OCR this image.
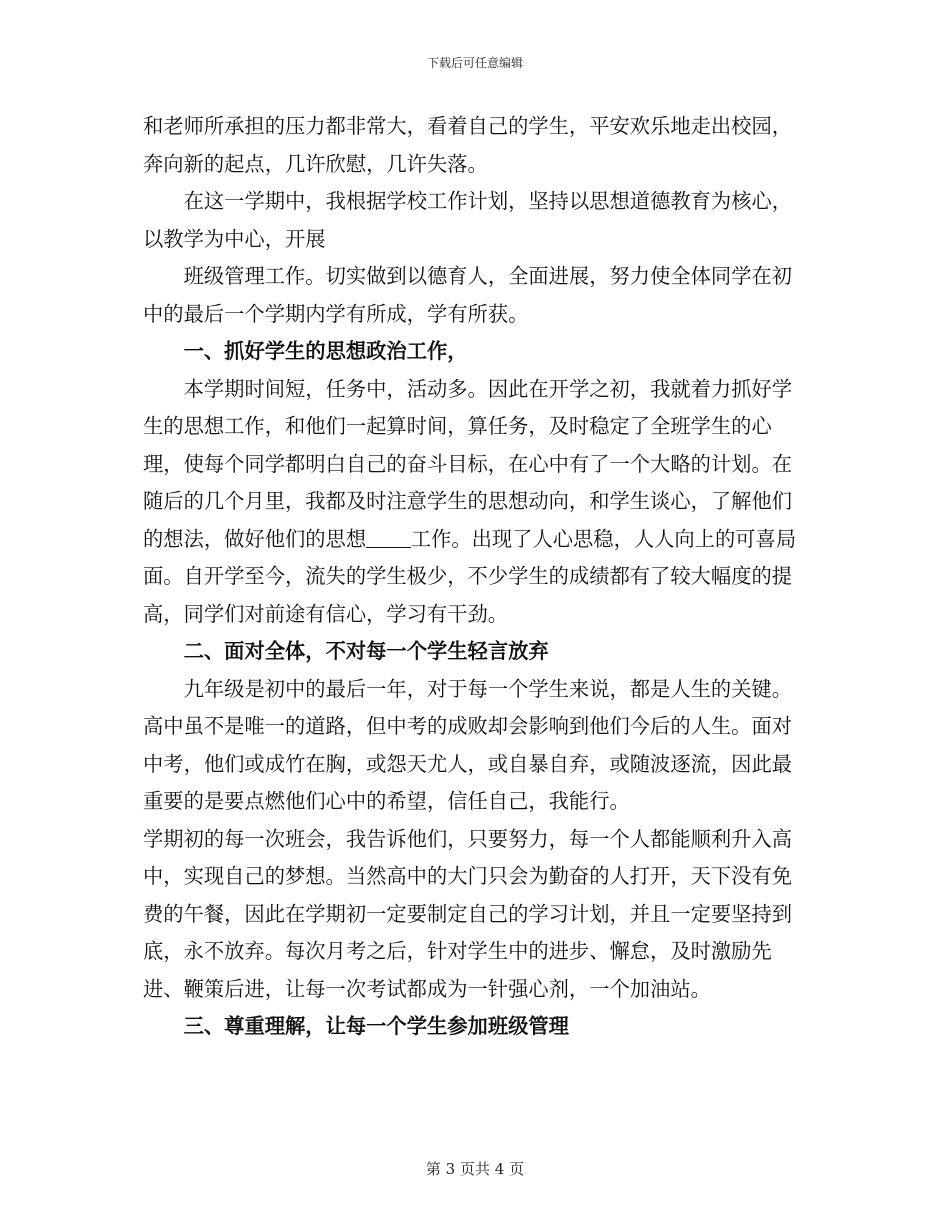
下载后可任意编辑

和老师所承担的压力都非常大，看着自己的学生，平安欢乐地走出校园，奔向新的起点，几许欣慰，几许失落。

在这一学期中，我根据学校工作计划，坚持以思想道德教育为核心，以教学为中心，开展

班级管理工作。切实做到以德育人，全面进展，努力使全体同学在初中的最后一个学期内学有所成，学有所获。

一、抓好学生的思想政治工作，

本学期时间短，任务中，活动多。因此在开学之初，我就着力抓好学生的思想工作，和他们一起算时间，算任务，及时稳定了全班学生的心理，使每个同学都明白自己的奋斗目标，在心中有了一个大略的计划。在随后的几个月里，我都及时注意学生的思想动向，和学生谈心，了解他们的想法，做好他们的思想 工作。出现了人心思稳，人人向上的可喜局面。自开学至今，流失的学生极少，不少学生的成绩都有了较大幅度的提高，同学们对前途有信心，学习有干劲。

二、面对全体，不对每一个学生轻言放弃

九年级是初中的最后一年，对于每一个学生来说，都是人生的关键。高中虽不是唯一的道路，但中考的成败却会影响到他们今后的人生。面对中考，他们或成竹在胸，或怨天尤人，或自暴自弃，或随波逐流，因此最重要的是要点燃他们心中的希望，信任自己，我能行。

学期初的每一次班会，我告诉他们，只要努力，每一个人都能顺利升入高中，实现自己的梦想。当然高中的大门只会为勤奋的人打开，天下没有免费的午餐，因此在学期初一定要制定自己的学习计划，并且一定要坚持到底，永不放弃。每次月考之后，针对学生中的进步、懈怠，及时激励先进、鞭策后进，让每一次考试都成为一针强心剂，一个加油站。

三、尊重理解，让每一个学生参加班级管理

第 3 页共 4 页
